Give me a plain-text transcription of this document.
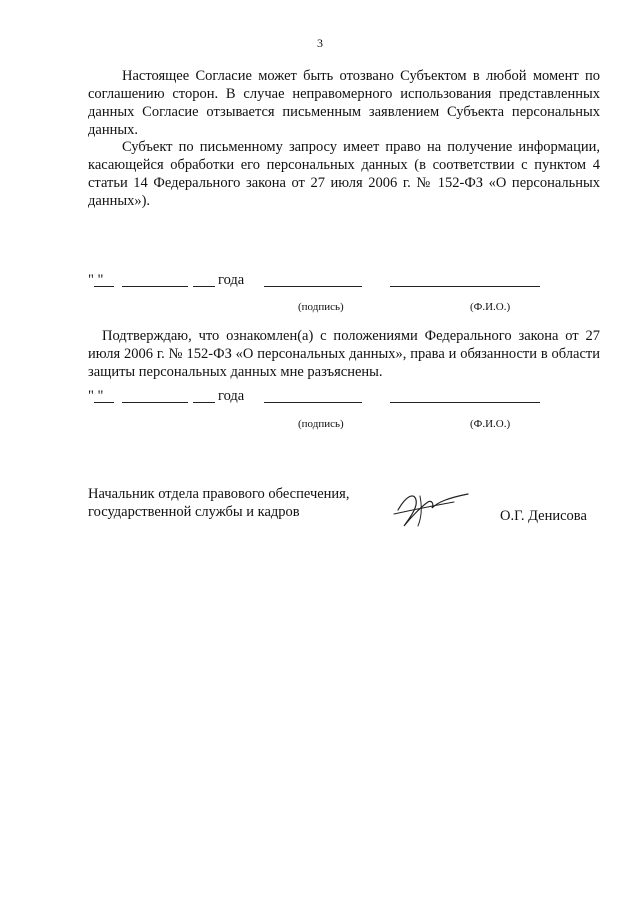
3
Настоящее Согласие может быть отозвано Субъектом в любой момент по соглашению сторон. В случае неправомерного использования представленных данных Согласие отзывается письменным заявлением Субъекта персональных данных.
Субъект по письменному запросу имеет право на получение информации, касающейся обработки его персональных данных (в соответствии с пунктом 4 статьи 14 Федерального закона от 27 июля 2006 г. № 152-ФЗ «О персональных данных»).
" "	года
(подпись)	(Ф.И.О.)
Подтверждаю, что ознакомлен(а) с положениями Федерального закона от 27 июля 2006 г. № 152-ФЗ «О персональных данных», права и обязанности в области защиты персональных данных мне разъяснены.
" "	года
(подпись)	(Ф.И.О.)
Начальник отдела правового обеспечения,
государственной службы и кадров	О.Г. Денисова
